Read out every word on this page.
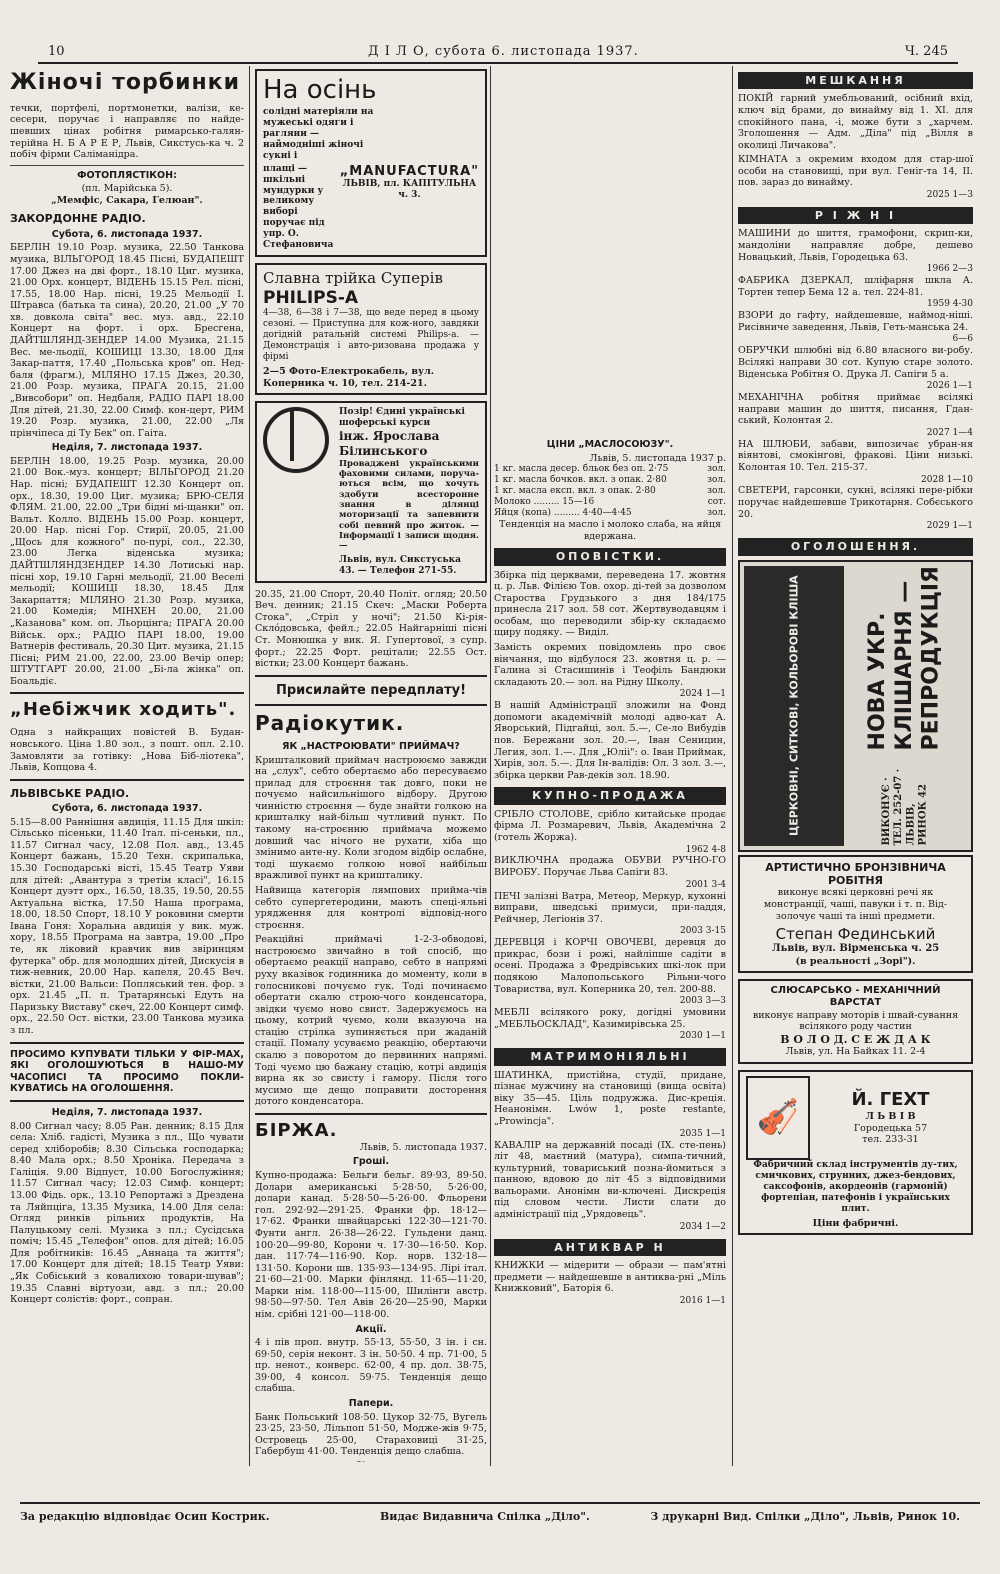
10	Д І Л О, субота 6. листопада 1937.	Ч. 245
Жіночі торбинки

течки, портфелі, портмонетки, валізи, ке-сесери, поручає і направляє по найде-шевших цінах робітня римарсько-галян-терійна Н. Б А Р Е Р, Львів, Сикстусь-ка ч. 2 побіч фірми Саліманідра.

ФОТОПЛЯСТІКОН:
(пл. Марійська 5).
„Мемфіс, Сакара, Гелюан".
ЗАКОРДОННЕ РАДІО.
Субота, 6. листопада 1937.

БЕРЛІН 19.10 Розр. музика, 22.50 Танкова музика, ВІЛЬГОРОД 18.45 Пісні, БУДАПЕШТ 17.00 Джез на дві форт., 18.10 Циг. музика, 21.00 Орх. концерт, ВІДЕНЬ 15.15 Рел. пісні, 17.55, 18.00 Нар. пісні, 19.25 Мельодії І. Штравса (батька та сина), 20.20, 21.00 „У 70 хв. довкола світа" вес. муз. авд., 22.10 Концерт на форт. і орх. Бресгена, ДАЙТШЛЯНД-ЗЕНДЕР 14.00 Музика, 21.15 Вес. ме-льодії, КОШИЦІ 13.30, 18.00 Для Закар-паття, 17.40 „Польська кров" оп. Нед-баля (фрагм.), МІЛЯНО 17.15 Джез, 20.30, 21.00 Розр. музика, ПРАГА 20.15, 21.00 „Вивсобори" оп. Недбаля, РАДІО ПАРІ 18.00 Для дітей, 21.30, 22.00 Симф. кон-церт, РИМ 19.20 Розр. музика, 21.00, 22.00 „Ля прінчіпеса ді Ту Бек" оп. Гаіта.

Неділя, 7. листопада 1937.

БЕРЛІН 18.00, 19.25 Розр. музика, 20.00 21.00 Вок.-муз. концерт; ВІЛЬГОРОД 21.20 Нар. пісні; БУДАПЕШТ 12.30 Концерт оп. орх., 18.30, 19.00 Циг. музика; БРЮ-СЕЛЯ ФЛЯМ. 21.00, 22.00 „Три бідні мі-щанки" оп. Вальт. Колло. ВІДЕНЬ 15.00 Розр. концерт, 20.00 Нар. пісні Гор. Стирії, 20.05, 21.00 „Щось для кожного" по-пурі, сол., 22.30, 23.00 Легка віденська музика; ДАЙТШЛЯНДЗЕНДЕР 14.30 Лотиські нар. пісні хор, 19.10 Гарні мельодії, 21.00 Веселі мельодії; КОШИЦІ 18.30, 18.45 Для Закарпаття; МІЛЯНО 21.30 Розр. музика, 21.00 Комедія; МІНХЕН 20.00, 21.00 „Казанова" ком. оп. Льорцінга; ПРАГА 20.00 Військ. орх.; РАДІО ПАРІ 18.00, 19.00 Ватнерів фестиваль, 20.30 Цит. музика, 21.15 Пісні; РИМ 21.00, 22.00, 23.00 Вечір опер; ШТУТГАРТ 20.00, 21.00 „Бі-ла жінка" оп. Боальдіє.

„Небіжчик ходить".

Одна з найкращих повістей В. Будан-новського. Ціна 1.80 зол., з пошт. опл. 2.10. Замовляти за готівку: „Нова Біб-ліотека", Львів, Копцова 4.

ЛЬВІВСЬКЕ РАДІО.
Субота, 6. листопада 1937.

5.15—8.00 Раннішня авдиція, 11.15 Для шкіл: Сільсько пісеньки, 11.40 Італ. пі-сеньки, пл., 11.57 Сигнал часу, 12.08 Пол. авд., 13.45 Концерт бажань, 15.20 Техн. скрипалька, 15.30 Господарські вісті, 15.45 Театр Уяви для дітей: „Авантура з третім класі", 16.15 Концерт дуэтт орх., 16.50, 18.35, 19.50, 20.55 Актуальна вістка, 17.50 Наша програма, 18.00, 18.50 Спорт, 18.10 У роковини смерти Івана Гоня: Хоральна авдиція у вик. муж. хору, 18.55 Програма на завтра, 19.00 „Про те, як ліковий кравчик вив звіринцям футерка" обр. для молодших дітей, Дискусія в тиж-невник, 20.00 Нар. капеля, 20.45 Веч. вістки, 21.00 Вальси: Попляський тен. фор. з орх. 21.45 „П. п. Тратарянські Едуть на Паризьку Виставу" скеч, 22.00 Концерт симф. орх., 22.50 Ост. вістки, 23.00 Танкова музика з пл.

ПРОСИМО КУПУВАТИ ТІЛЬКИ У ФІР-МАХ, ЯКІ ОГОЛОШУЮТЬСЯ В НАШО-МУ ЧАСОПИСІ ТА ПРОСИМО ПОКЛИ-КУВАТИСЬ НА ОГОЛОШЕННЯ.

Неділя, 7. листопада 1937.

8.00 Сигнал часу; 8.05 Ран. денник; 8.15 Для села: Хліб. гадісті, Музика з пл., Що чувати серед хліборобів; 8.30 Сільська господарка; 8.40 Мала орх.; 8.50 Хроніка. Передача з Галіція. 9.00 Відпуст, 10.00 Богослужіння; 11.57 Сигнал часу; 12.03 Симф. концерт; 13.00 Фідь. орк., 13.10 Репортажі з Дрездена та Ляйпціга, 13.35 Музика, 14.00 Для села: Огляд ринків рільних продуктів, На Палуцькому селі. Музика з пл.; Сусідська поміч; 15.45 „Телефон" опов. для дітей; 16.05 Для робітників: 16.45 „Аннаца та життя"; 17.00 Концерт для дітей; 18.15 Театр Уяви: „Як Собіський з ковалихою товари-шував"; 19.35 Славні віртуози, авд. з пл.; 20.00 Концерт солістів: форт., сопран.

На осінь солідні матеріяли на мужеські одяги і рагляни — наймодніші жіночі сукні і
плащі — шкільні мундурки у великому виборі поручає під упр. О. Стефановича
„MANUFACTURA"
ЛЬВІВ, пл. КАПІТУЛЬНА ч. 3.
Славна трійка Суперів PHILIPS-A

4—38, 6—38 і 7—38, що веде перед в цьому сезоні. — Приступна для кож-ного, завдяки догідній ратальній системі Philips-a. — Демонстрація і авто-ризована продажа у фірмі

2—5 Фото-Електрокабель, вул. Коперника ч. 10, тел. 214-21.
Позір! Єдині українські
шоферські курси
інж. Ярослава Білинського

Проваджені українськими фаховими силами, поруча-ються всім, що хочуть здобути всесторонне знання в ділянці моторизації та запевнити собі певний про житок. — Інформації і записи щодня. —

Львів, вул. Сикстуська 43. — Телефон 271-55.

20.35, 21.00 Спорт, 20.40 Політ. огляд; 20.50 Веч. денник; 21.15 Скеч: „Маски Роберта Стока", „Стріл у ночі"; 21.50 Кі-рія-Скло́довська, фейл.; 22.05 Найгарніші пісні Ст. Монюшка у вик. Я. Гупертової, з супр. форт.; 22.25 Форт. рецітали; 22.55 Ост. вістки; 23.00 Концерт бажань.

Присилайте передплату!
Радіокутик.
ЯК „НАСТРОЮВАТИ" ПРИЙМАЧ?

Кришталковий приймач настроюємо завжди на „слух", себто обертаємо або пересуваємо прилад для строєння так довго, поки не почуємо найсильнішого відбору. Другою чинністю строєння — буде знайти голкою на кришталку най-більш чутливий пункт. По такому на-строєнню приймача можемо довший час нічого не рухати, хіба що змінимо анте-ну. Коли згодом відбір ослабне, тоді шукаємо голкою нової найбільш вражливої пункт на кришталику.

Найвища категорія лямпових прийма-чів себто супергетеродини, мають спеці-яльні урядження для контролі відповід-ного строєння.

Реакційні приймачі 1-2-3-обводові, настроюємо звичайно в той спосіб, що обертаємо реакції направо, себто в напрямі руху вказівок годинника до моменту, коли в голосникові почуємо гук. Тоді починаємо обертати скалю строю-чого конденсатора, звідки чуємо ново свист. Задержуємось на цьому, котрий чуємо, коли вказуюча на стацію стрілка зупиняється при жаданій стації. Помалу усуваємо реакцію, обертаючи скалю з поворотом до первинних напрямі. Тоді чуємо цю бажану стацію, котрі авдиція вирна як зо свисту і гамору. Після того мусимо ще дещо поправити досторення дотого конденсатора.

БІРЖА.
Львів, 5. листопада 1937.
Гроші.

Купно-продажа: Бельги бельг. 89·93, 89·50. Долари американські 5·28·50, 5·26·00, долари канад. 5·28·50—5·26·00. Фльорени гол. 292·92—291·25. Франки фр. 18·12—17·62. Франки швайцарські 122·30—121·70. Фунти англ. 26·38—26·22. Гульдени данц. 100·20—99·80, Корони ч. 17·30—16·50. Кор. дан. 117·74—116·90. Кор. норв. 132·18—131·50. Корони шв. 135·93—134·95. Лірі італ. 21·60—21·00. Марки фінлянд. 11·65—11·20, Марки нім. 118·00—115·00, Шилінги австр. 98·50—97·50. Тел Авів 26·20—25·90, Марки нім. срібні 121·00—118·00.

Акції.

4 і пів проп. внутр. 55·13, 55·50, 3 ін. і сн. 69·50, серія неконт. 3 ін. 50·50. 4 пр. 71·00, 5 пр. ненот., конверс. 62·00, 4 пр. дол. 38·75, 39·00, 4 консол. 59·75. Тенденція дещо слабша.

Папери.

Банк Польський 108·50. Цукор 32·75, Вугель 23·25, 23·50, Лільпоп 51·50, Модже-жів 9·75, Островець 25·00, Стараховиці 31·25, Габербуш 41·00. Тенденція дещо слабша.

ЦІНИ „МАСЛОСОЮЗУ".
Львів, 5. листопада 1937 р.
1 кг. масла десер. бльок без оп. 2·75	зол.
1 кг. масла бочков. вкл. з опак. 2·80	зол.
1 кг. масла експ. вкл. з опак. 2·80	зол.
Молоко ......... 15—16	сот.
Яйця (копа) ......... 4·40—4·45	зол.
Тенденція на масло і молоко слаба, на яйця вдержана.
ОПОВІСТКИ.

Збірка під церквами, переведена 17. жовтня ц. р. Льв. Філією Тов. охор. ді-тей за дозволом Староства Грудзького з дня 184/175 принесла 217 зол. 58 сот. Жертвуводавцям і особам, що переводили збір-ку складаємо щиру подяку. — Виділ.

Замість окремих повідомлень про своє вінчання, що відбулося 23. жовтня ц. р. — Галина зі Стасишинів і Теофіль Бандюки складають 20.— зол. на Рідну Школу.

2024 1—1

В нашій Адміністрації зложили на Фонд допомоги академічній молоді адво-кат А. Яворський, Підгайці, зол. 5.—, Се-ло Вибудів пов. Бережани зол. 20.—, Іван Сеницин, Легия, зол. 1.—. Для „Юліі": о. Іван Приймак, Хирів, зол. 5.—. Для Ін-валідів: Ол. 3 зол. 3.—, збірка церкви Рав-деків зол. 18.90.

КУПНО-ПРОДАЖА

СРІБЛО СТОЛОВЕ, срібло китайське продає фірма Л. Розмаревич, Львів, Академічна 2 (готель Жоржа).

1962 4-8

ВИКЛЮЧНА продажа ОБУВИ РУЧНО-ГО ВИРОБУ. Поручає Льва Сапіги 83.

2001 3-4

ПЕЧІ залізні Ватра, Метеор, Меркур, кухонні виправи, шведські примуси, при-ладдя, Рейчнер, Легіонів 37.

2003 3-15

ДЕРЕВЦЯ і КОРЧІ ОВОЧЕВІ, деревця до прикрас, бози і рожі, найліпше садіти в осені. Продажа з Фредрівських шкі-лок при подякою Малопольського Рільни-чого Товариства, вул. Коперника 20, тел. 200-88.

2003 3—3

МЕБЛІ всілякого року, догідні умовини „МЕБЛЬОСКЛАД", Казимирівська 25.

2030 1—1
МАТРИМОНІЯЛЬНІ

ШАТИНКА, пристійна, студії, придане, пізнає мужчину на становищі (вища освіта) віку 35—45. Ціль подружжа. Дис-креція. Неанонімн. Lwów 1, poste restante, „Prowincja".

2035 1—1

КАВАЛІР на державній посаді (IX. сте-пень) літ 48, маєтний (матура), симпа-тичний, культурний, товариський позна-йомиться з панною, вдовою до літ 45 з відповідними вальорами. Анонімн ви-ключені. Дискреція під словом чести. Листи слати до адміністрації під „Урядовець".

2034 1—2
АНТИКВАР Н

КНИЖКИ — мідерити — образи — пам'ятні предмети — найдешевше в антиква-рні „Міль Книжковий", Баторія 6.

2016 1—1
МЕШКАННЯ

ПОКІЙ гарний умебльований, осібний вхід, ключ від брами, до винайму від 1. XI. для спокійного пана, -і, може бути з „харчем. Зголошення — Адм. „Діла" під „Вілля в околиці Личакова".

КІМНАТА з окремим входом для стар-шої особи на становищі, при вул. Геніг-та 14, ІІ. пов. зараз до винайму.

2025 1—3
Р І Ж Н І

МАШИНИ до шиття, грамофони, скрип-ки, мандоліни направляє добре, дешево Новацький, Львів, Городецька 63.

1966 2—3

ФАБРИКА ДЗЕРКАЛ, шліфарня шкла А. Тортен тепер Бема 12 а. тел. 224-81.

1959 4-30

ВЗОРИ до гафту, найдешевше, наймод-ніші. Рисівниче заведення, Львів, Геть-манська 24.

6—6

ОБРУЧКИ шлюбні від 6.80 власного ви-робу. Всілякі направи 30 сот. Купую старе золото. Віденська Робітня О. Друка Л. Сапіги 5 а.

2026 1—1

МЕХАНІЧНА робітня приймає всілякі направи машин до шиття, писання, Гдан-ський, Колонтая 2.

2027 1—4

НА ШЛЮБИ, забави, випозичає убран-ня віянтові, смокінгові, фракові. Ціни низькі. Колонтая 10. Тел. 215-37.

2028 1—10

СВЕТЕРИ, гарсонки, сукні, всілякі пере-рібки поручає найдешевше Трикотарня. Собєського 20.

2029 1—1
ОГОЛОШЕННЯ.
ЦЕРКОВНІ, СИТКОВІ, КОЛЬОРОВІ КЛІША	НОВА УКР. КЛІШАРНЯ — РЕПРОДУКЦІЯ
ВИКОНУЄ · ТЕЛ. 252-07 · ЛЬВІВ, РИНОК 42
АРТИСТИЧНО БРОНЗІВНИЧА РОБІТНЯ

виконує всякі церковні речі як монстранції, чаші, павуки і т. п. Від-золочує чаші та інші предмети.

Степан Фединський
Львів, вул. Вірменська ч. 25
(в реальності „Зорі").
СЛЮСАРСЬКО - МЕХАНІЧНИЙ ВАРСТАТ
виконує направу моторів і швай-сування всілякого роду частин
В О Л О Д. С Е Ж Д А К
Львів, ул. На Байках 11. 2-4
🎻	Й. ГЕХТ
Л Ь В І В
Городецька 57
тел. 233-31

Фабричний склад інструментів ду-тих, смичкових, струнних, джез-бендових, саксофонів, акордеонів (гармоній) фортепіан, патефонів і українських плит.

Ціни фабричні.
За редакцію відповідає Осип Кострик.	Видає Видавнича Спілка „Діло".	З друкарні Вид. Спілки „Діло", Львів, Ринок 10.
